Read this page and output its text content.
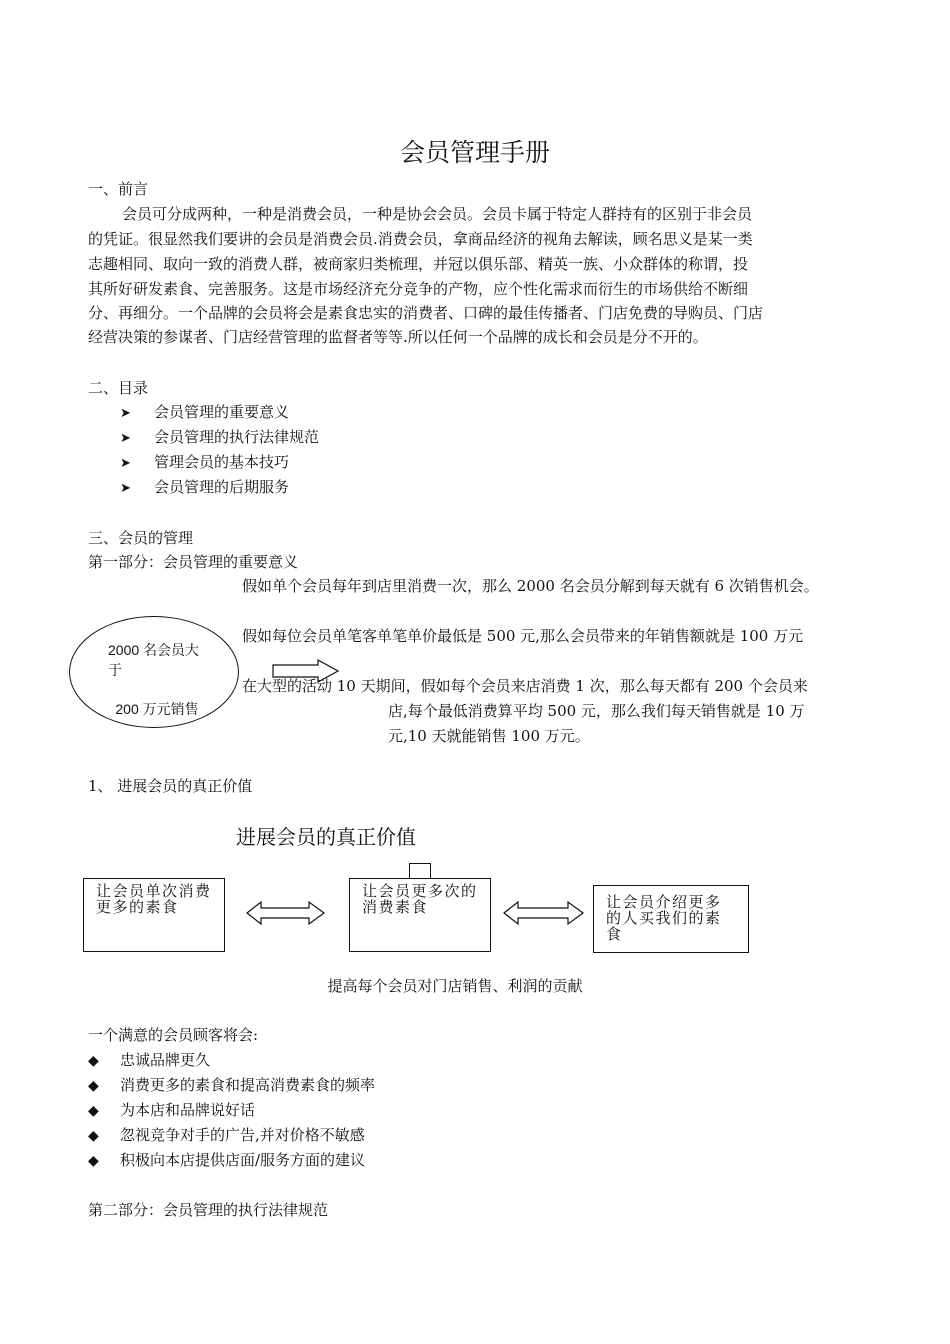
会员管理手册
一、前言
会员可分成两种，一种是消费会员，一种是协会会员。会员卡属于特定人群持有的区别于非会员
的凭证。很显然我们要讲的会员是消费会员.消费会员，拿商品经济的视角去解读，顾名思义是某一类
志趣相同、取向一致的消费人群，被商家归类梳理，并冠以俱乐部、精英一族、小众群体的称谓，投
其所好研发素食、完善服务。这是市场经济充分竞争的产物，应个性化需求而衍生的市场供给不断细
分、再细分。一个品牌的会员将会是素食忠实的消费者、口碑的最佳传播者、门店免费的导购员、门店
经营决策的参谋者、门店经营管理的监督者等等.所以任何一个品牌的成长和会员是分不开的。
二、目录
➤ 会员管理的重要意义
➤ 会员管理的执行法律规范
➤ 管理会员的基本技巧
➤ 会员管理的后期服务
三、会员的管理
第一部分：会员管理的重要意义
假如单个会员每年到店里消费一次，那么 2000 名会员分解到每天就有 6 次销售机会。
假如每位会员单笔客单笔单价最低是 500 元,那么会员带来的年销售额就是 100 万元
2000 名会员大于
200 万元销售
在大型的活动 10 天期间，假如每个会员来店消费 1 次，那么每天都有 200 个会员来
店,每个最低消费算平均 500 元，那么我们每天销售就是 10 万
元,10 天就能销售 100 万元。
1、 进展会员的真正价值
进展会员的真正价值
让会员单次消费更多的素食
让会员更多次的消费素食	让会员介绍更多的人买我们的素食
提高每个会员对门店销售、利润的贡献
一个满意的会员顾客将会:
◆ 忠诚品牌更久
◆ 消费更多的素食和提高消费素食的频率
◆ 为本店和品牌说好话
◆ 忽视竞争对手的广告,并对价格不敏感
◆ 积极向本店提供店面/服务方面的建议
第二部分：会员管理的执行法律规范
